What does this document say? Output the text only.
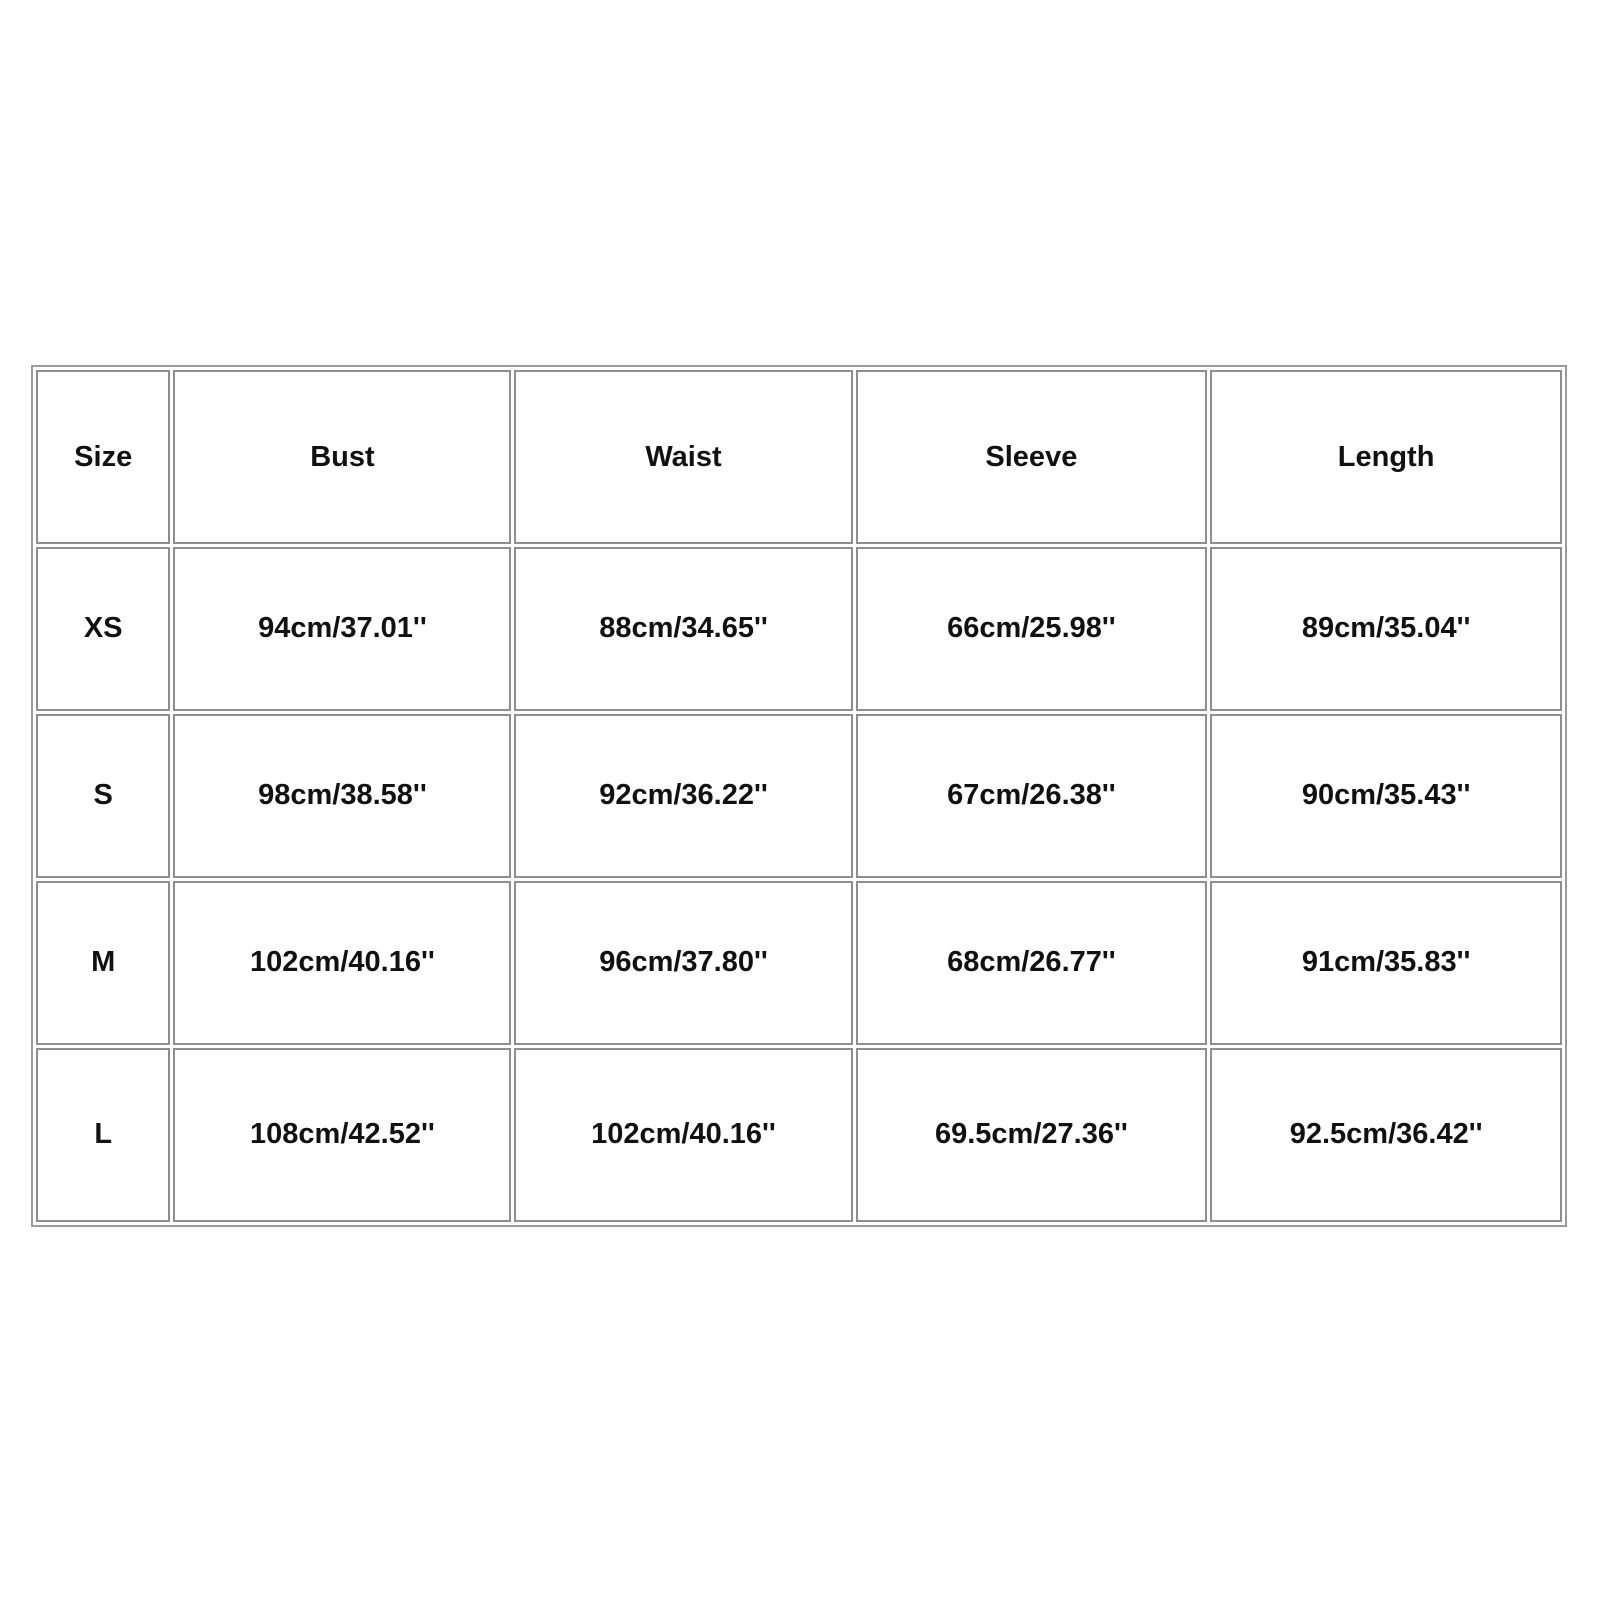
Size	Bust	Waist	Sleeve	Length
XS	94cm/37.01''	88cm/34.65''	66cm/25.98''	89cm/35.04''
S	98cm/38.58''	92cm/36.22''	67cm/26.38''	90cm/35.43''
M	102cm/40.16''	96cm/37.80''	68cm/26.77''	91cm/35.83''
L	108cm/42.52''	102cm/40.16''	69.5cm/27.36''	92.5cm/36.42''
